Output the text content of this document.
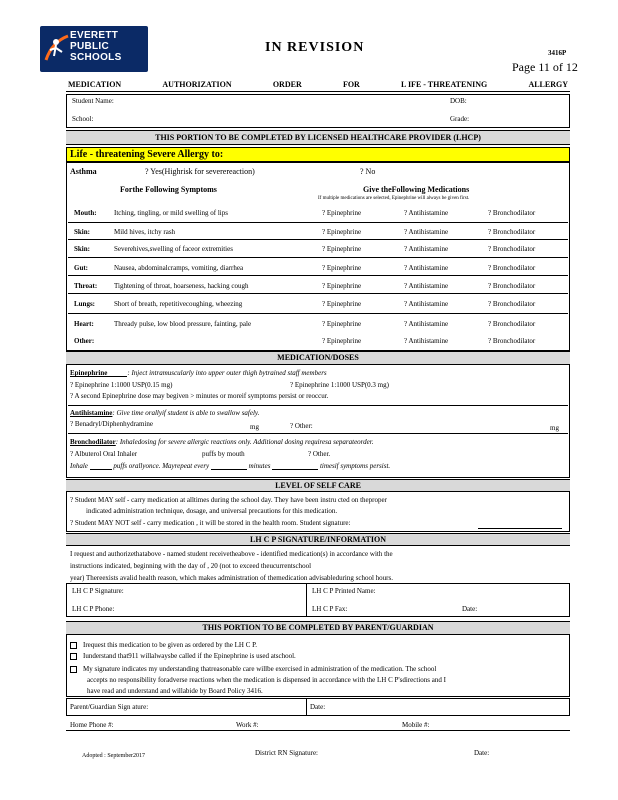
EVERETT
PUBLIC
SCHOOLS
IN REVISION	3416P
Page 11 of 12
MEDICATION	AUTHORIZATION	ORDER	FOR	L IFE - THREATENING	ALLERGY
Student Name:	DOB:
School:	Grade:
THIS PORTION TO BE COMPLETED BY LICENSED HEALTHCARE PROVIDER (LHCP)
Life - threatening Severe Allergy to:
Asthma	? Yes(Highrisk for severereaction)	? No
Forthe Following Symptoms	Give theFollowing Medications
If multiple medications are selected, Epinephrine will always be given first.
Mouth: Itching, tingling, or mild swelling of lips	? Epinephrine	? Antihistamine	? Bronchodilator
Skin:	Mild hives, itchy rash	? Epinephrine	? Antihistamine	? Bronchodilator
Skin:	Severehives,swelling of faceor extremities	? Epinephrine	? Antihistamine	? Bronchodilator
Gut:	Nausea, abdominalcramps, vomiting, diarrhea	? Epinephrine	? Antihistamine	? Bronchodilator
Throat: Tightening of throat, hoarseness, hacking cough	? Epinephrine	? Antihistamine	? Bronchodilator
Lungs:	Short of breath, repetitivecoughing, wheezing	? Epinephrine	? Antihistamine	? Bronchodilator
Heart:	Thready pulse, low blood pressure, fainting, pale	? Epinephrine	? Antihistamine	? Bronchodilator
Other:	? Epinephrine	? Antihistamine	? Bronchodilator
MEDICATION/DOSES
Epinephrine	: Inject intramuscularly into upper outer thigh bytrained staff members
? Epinephrine 1:1000 USP(0.15 mg)	? Epinephrine 1:1000 USP(0.3 mg)
? A second Epinephrine dose may begiven > minutes or moreif symptoms persist or reoccur.
Antihistamine: Give time orallyif student is able to swallow safely.
? Benadryl/Diphenhydramine	mg	? Other:	mg
Bronchodilator: Inhaledosing for severe allergic reactions only. Additional dosing requiresa separateorder.
? Albuterol Oral Inhaler	puffs by mouth	? Other.
Inhale	puffs orallyonce. Mayrepeat every	minutes	timesif symptoms persist.
LEVEL OF SELF CARE
? Student MAY self - carry medication at alltimes during the school day. They have been instru cted on theproper
indicated administration technique, dosage, and universal precautions for this medication.
? Student MAY NOT self - carry medication , it will be stored in the health room. Student signature:
LH C P SIGNATURE/INFORMATION
I request and authorizethatabove - named student receivetheabove - identified medication(s) in accordance with the
instructions indicated, beginning with the day of , 20 (not to exceed theucurrentschool
year) Thereexists avalid health reason, which makes administration of themedication advisableduring school hours.
LH C P Signature:	LH C P Printed Name:
LH C P Phone:	LH C P Fax:	Date:
THIS PORTION TO BE COMPLETED BY PARENT/GUARDIAN
Irequest this medication to be given as ordered by the LH C P.
Iunderstand that911 willalwaysbe called if the Epinephrine is used atschool.
My signature indicates my understanding thatreasonable care willbe exercised in administration of the medication. The school
accepts no responsibility foradverse reactions when the medication is dispensed in accordance with the LH C P'sdirections and I
have read and understand and willabide by Board Policy 3416.
Parent/Guardian Sign ature:	Date:
Home Phone #:	Work #:	Mobile #:
Adopted : September2017	District RN Signature:	Date:
